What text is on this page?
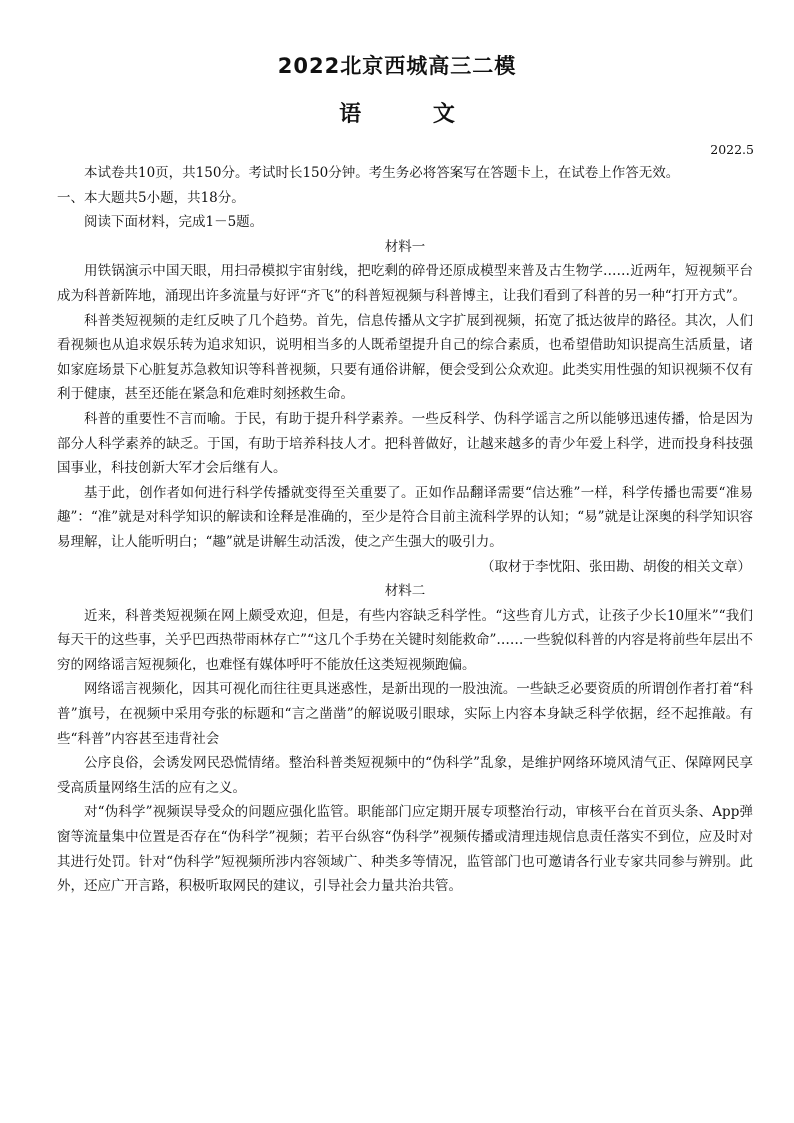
2022北京西城高三二模
语 文
2022.5

本试卷共10页，共150分。考试时长150分钟。考生务必将答案写在答题卡上，在试卷上作答无效。

一、本大题共5小题，共18分。

阅读下面材料，完成1－5题。

材料一

用铁锅演示中国天眼，用扫帚模拟宇宙射线，把吃剩的碎骨还原成模型来普及古生物学……近两年，短视频平台成为科普新阵地，涌现出许多流量与好评“齐飞”的科普短视频与科普博主，让我们看到了科普的另一种“打开方式”。

科普类短视频的走红反映了几个趋势。首先，信息传播从文字扩展到视频，拓宽了抵达彼岸的路径。其次，人们看视频也从追求娱乐转为追求知识，说明相当多的人既希望提升自己的综合素质，也希望借助知识提高生活质量，诸如家庭场景下心脏复苏急救知识等科普视频，只要有通俗讲解，便会受到公众欢迎。此类实用性强的知识视频不仅有利于健康，甚至还能在紧急和危难时刻拯救生命。

科普的重要性不言而喻。于民，有助于提升科学素养。一些反科学、伪科学谣言之所以能够迅速传播，恰是因为部分人科学素养的缺乏。于国，有助于培养科技人才。把科普做好，让越来越多的青少年爱上科学，进而投身科技强国事业，科技创新大军才会后继有人。

基于此，创作者如何进行科学传播就变得至关重要了。正如作品翻译需要“信达雅”一样，科学传播也需要“准易趣”：“准”就是对科学知识的解读和诠释是准确的，至少是符合目前主流科学界的认知；“易”就是让深奥的科学知识容易理解，让人能听明白；“趣”就是讲解生动活泼，使之产生强大的吸引力。

（取材于李忱阳、张田勘、胡俊的相关文章）

材料二

近来，科普类短视频在网上颇受欢迎，但是，有些内容缺乏科学性。“这些育儿方式，让孩子少长10厘米”“我们每天干的这些事，关乎巴西热带雨林存亡”“这几个手势在关键时刻能救命”……一些貌似科普的内容是将前些年层出不穷的网络谣言短视频化，也难怪有媒体呼吁不能放任这类短视频跑偏。

网络谣言视频化，因其可视化而往往更具迷惑性，是新出现的一股浊流。一些缺乏必要资质的所谓创作者打着“科普”旗号，在视频中采用夸张的标题和“言之凿凿”的解说吸引眼球，实际上内容本身缺乏科学依据，经不起推敲。有些“科普”内容甚至违背社会

公序良俗，会诱发网民恐慌情绪。整治科普类短视频中的“伪科学”乱象，是维护网络环境风清气正、保障网民享受高质量网络生活的应有之义。

对“伪科学”视频误导受众的问题应强化监管。职能部门应定期开展专项整治行动，审核平台在首页头条、App弹窗等流量集中位置是否存在“伪科学”视频；若平台纵容“伪科学”视频传播或清理违规信息责任落实不到位，应及时对其进行处罚。针对“伪科学”短视频所涉内容领域广、种类多等情况，监管部门也可邀请各行业专家共同参与辨别。此外，还应广开言路，积极听取网民的建议，引导社会力量共治共管。
